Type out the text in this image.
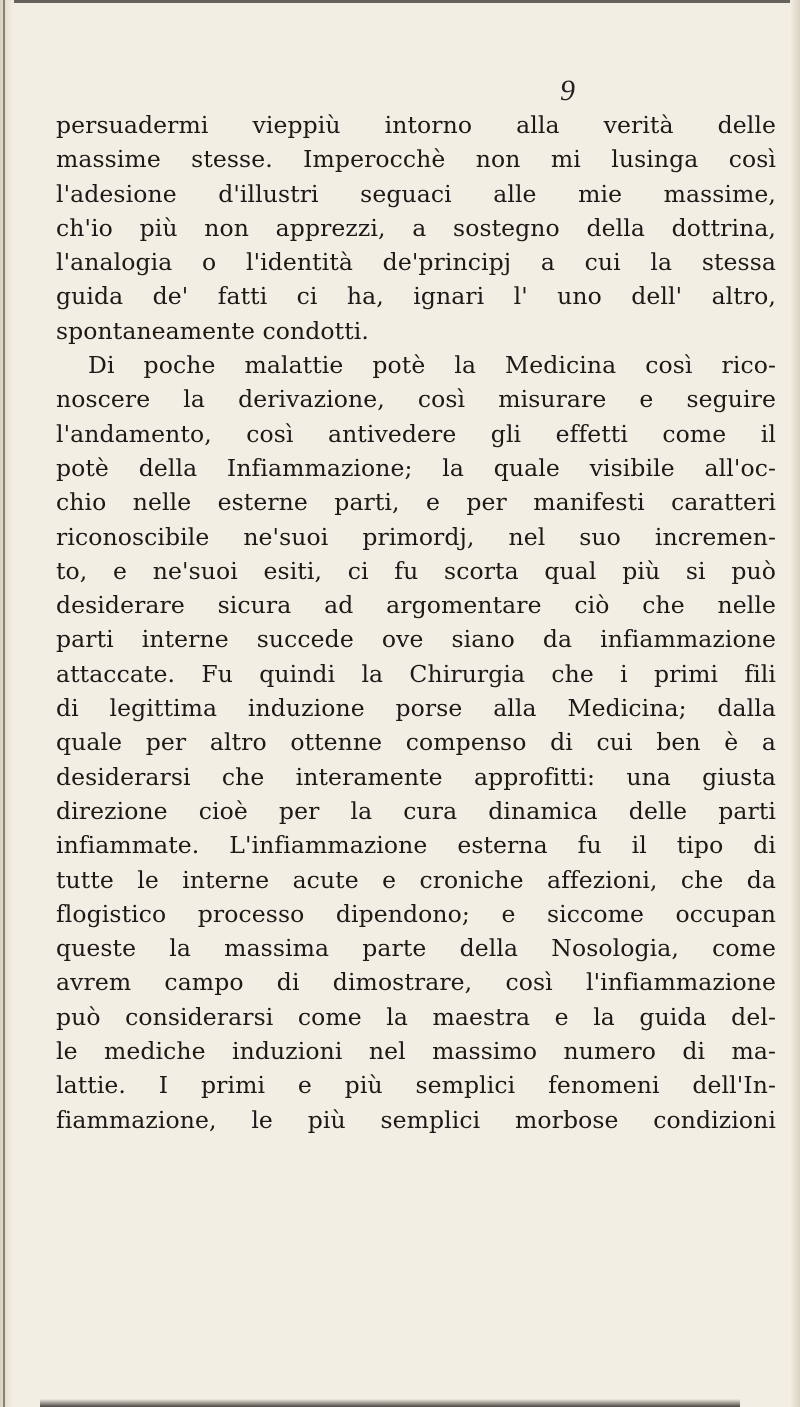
9
persuadermi vieppiù intorno alla verità delle
massime stesse. Imperocchè non mi lusinga così
l'adesione d'illustri seguaci alle mie massime,
ch'io più non apprezzi, a sostegno della dottrina,
l'analogia o l'identità de'principj a cui la stessa
guida de' fatti ci ha, ignari l' uno dell' altro,
spontaneamente condotti.
Di poche malattie potè la Medicina così rico-
noscere la derivazione, così misurare e seguire
l'andamento, così antivedere gli effetti come il
potè della Infiammazione; la quale visibile all'oc-
chio nelle esterne parti, e per manifesti caratteri
riconoscibile ne'suoi primordj, nel suo incremen-
to, e ne'suoi esiti, ci fu scorta qual più si può
desiderare sicura ad argomentare ciò che nelle
parti interne succede ove siano da infiammazione
attaccate. Fu quindi la Chirurgia che i primi fili
di legittima induzione porse alla Medicina; dalla
quale per altro ottenne compenso di cui ben è a
desiderarsi che interamente approfitti: una giusta
direzione cioè per la cura dinamica delle parti
infiammate. L'infiammazione esterna fu il tipo di
tutte le interne acute e croniche affezioni, che da
flogistico processo dipendono; e siccome occupan
queste la massima parte della Nosologia, come
avrem campo di dimostrare, così l'infiammazione
può considerarsi come la maestra e la guida del-
le mediche induzioni nel massimo numero di ma-
lattie. I primi e più semplici fenomeni dell'In-
fiammazione, le più semplici morbose condizioni
